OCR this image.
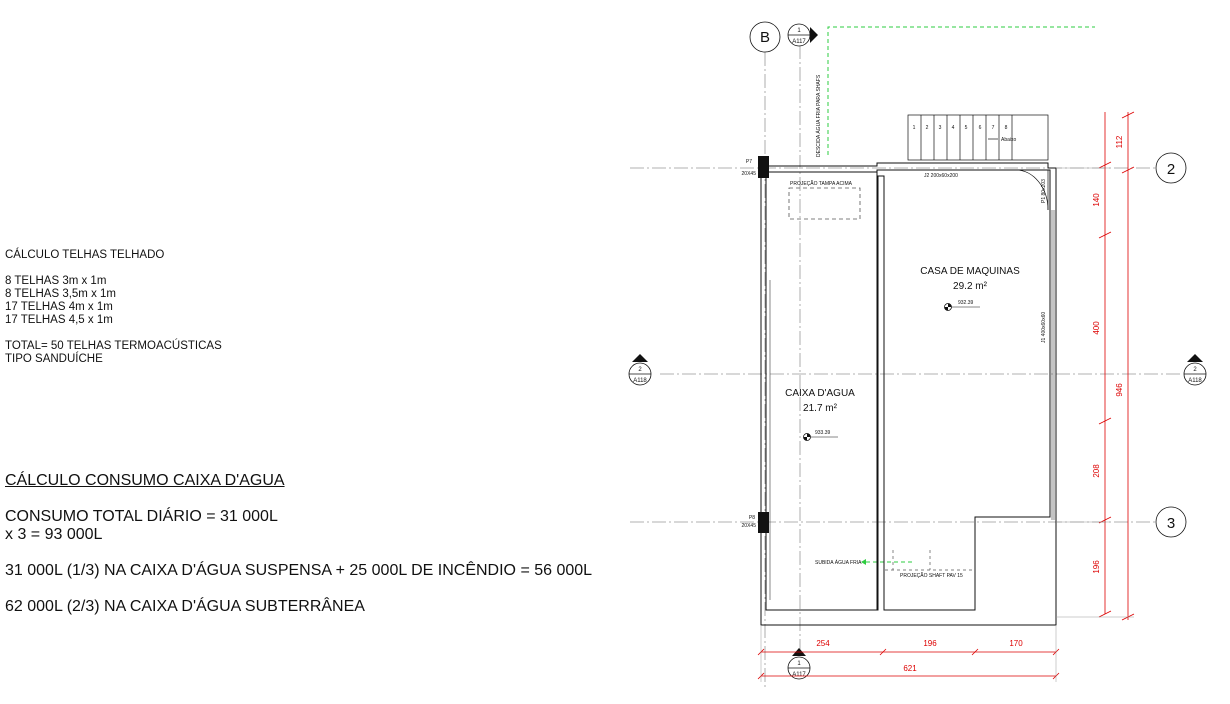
CÁLCULO TELHAS TELHADO

8 TELHAS 3m x 1m
8 TELHAS 3,5m x 1m
17 TELHAS 4m x 1m
17 TELHAS 4,5 x 1m

TOTAL= 50 TELHAS TERMOACÚSTICAS
TIPO SANDUÍCHE
CÁLCULO CONSUMO CAIXA D'AGUA
CONSUMO TOTAL DIÁRIO = 31 000L
x 3 = 93 000L
31 000L (1/3) NA CAIXA D'ÁGUA SUSPENSA + 25 000L DE INCÊNDIO = 56 000L
62 000L (2/3) NA CAIXA D'ÁGUA SUBTERRÂNEA
1 2 3 4 5 6 7 8
Abaixo
B
2
3
1
A117
1
A117
2
A118
2
A118
P7
20X45
P8
20X45
CASA DE MAQUINAS
29.2 m²
CAIXA D'AGUA
21.7 m²
932.39
933.39
PROJEÇÃO TAMPA ACIMA
J2 200x60x200
SUBIDA ÁGUA FRIA
PROJEÇÃO SHAFT PAV 15
P1 80x203
J1 400x60x60
DESCIDA ÁGUA FRIA PARA SHAFS	112
140
400
946
208
196
254	196	170
621
